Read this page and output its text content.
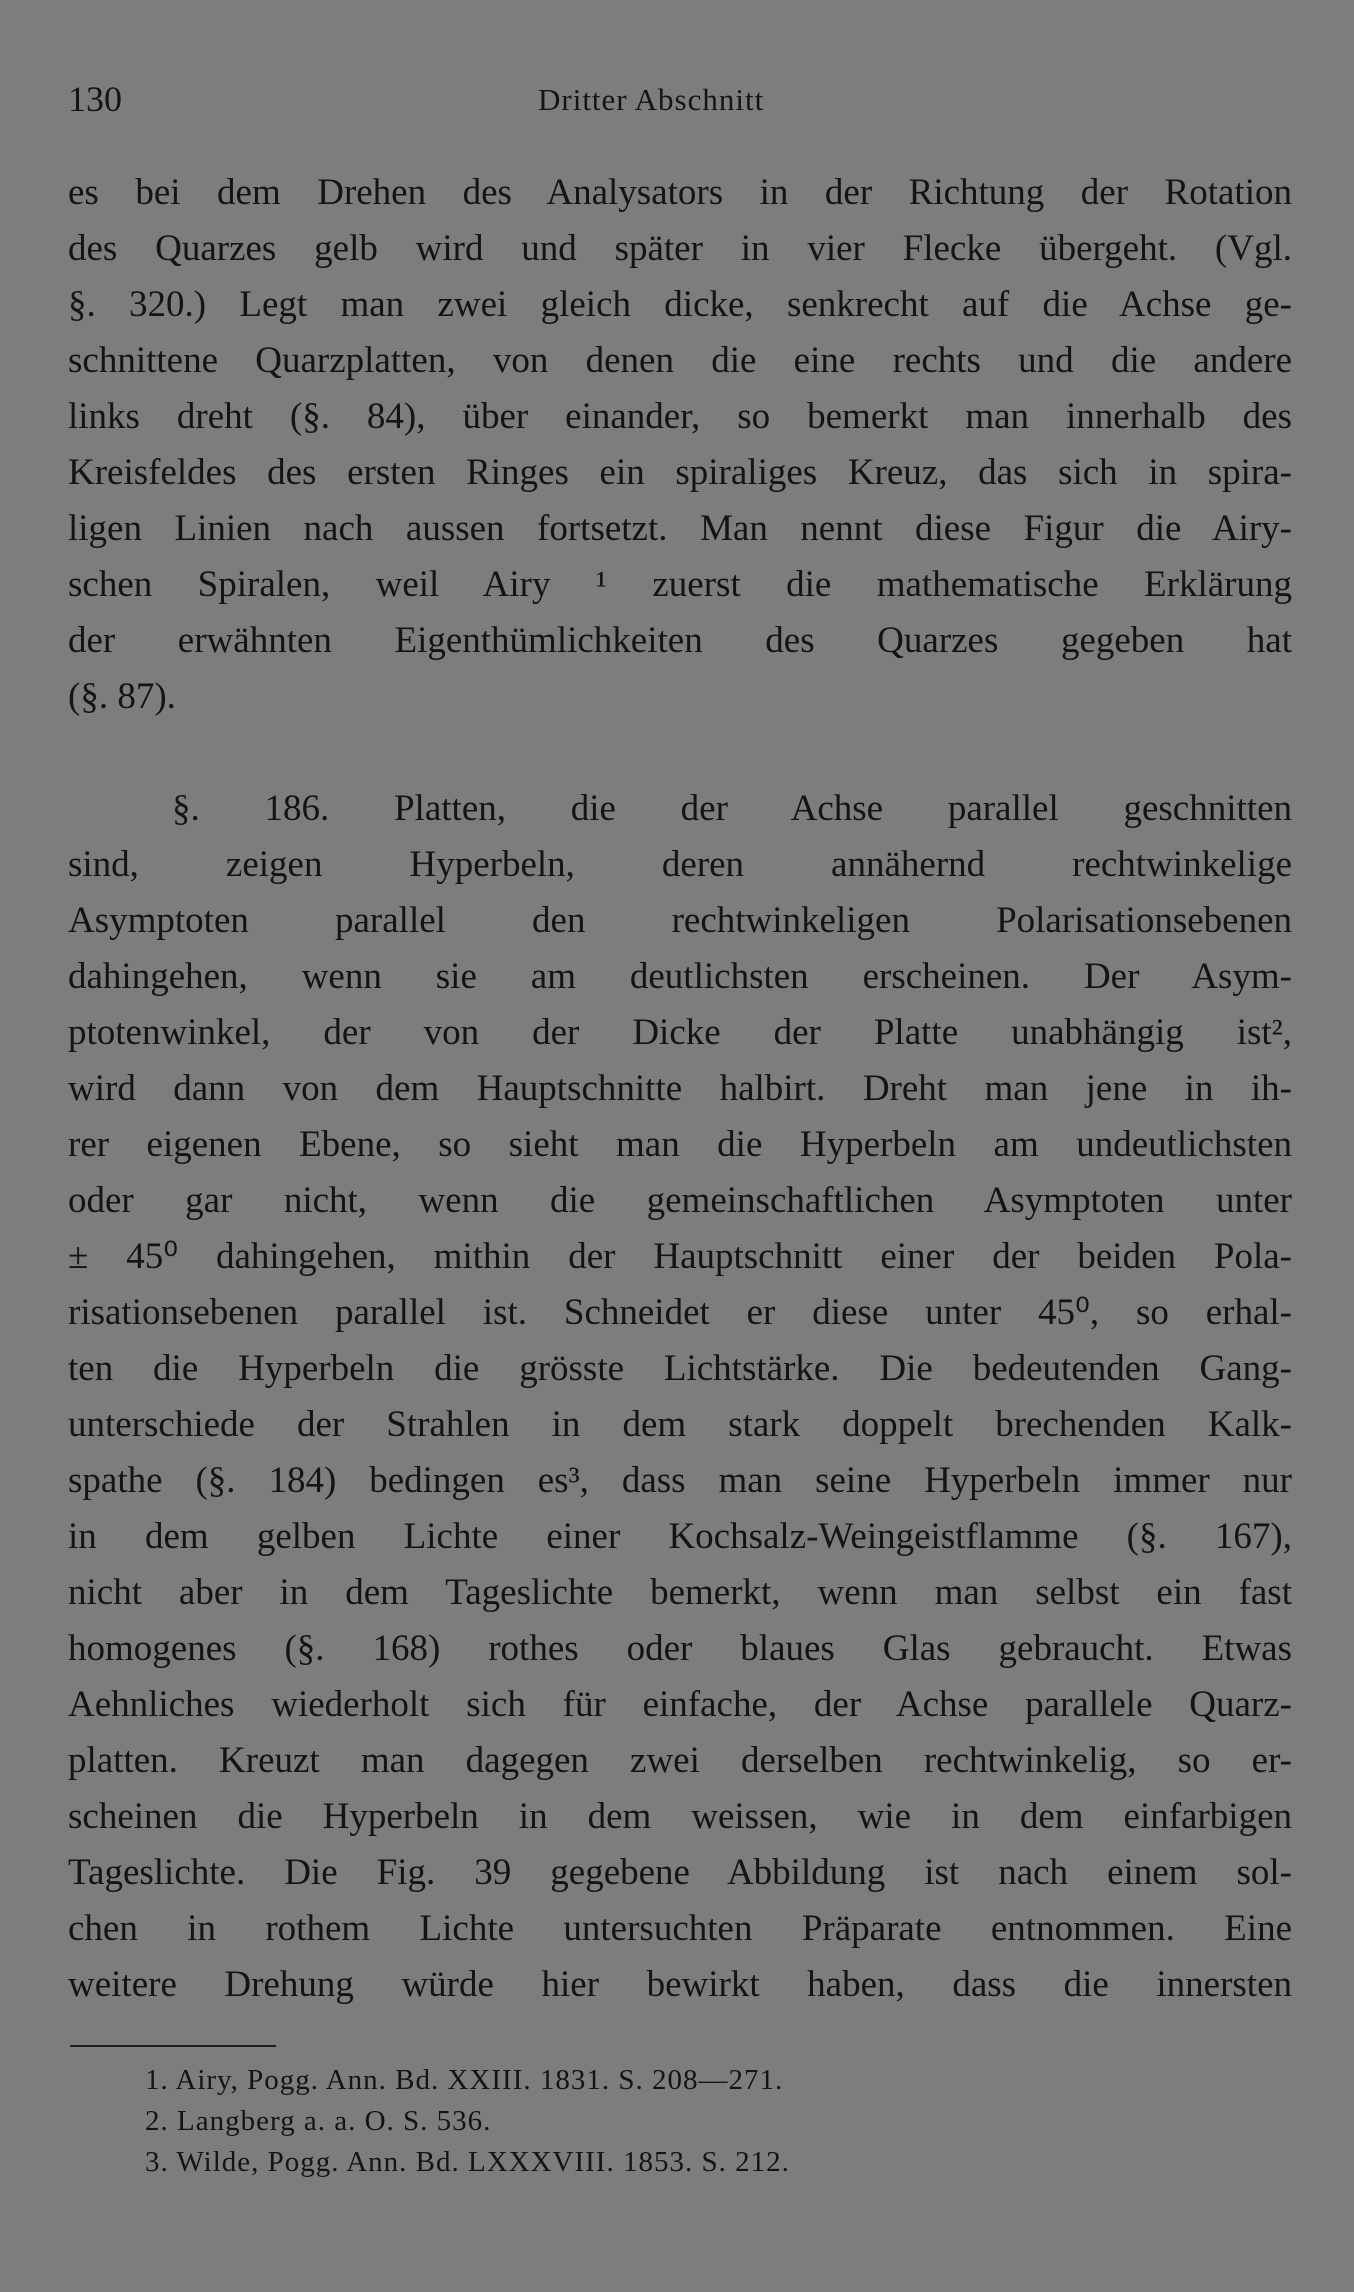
130	Dritter Abschnitt
es bei dem Drehen des Analysators in der Richtung der Rotation
des Quarzes gelb wird und später in vier Flecke übergeht. (Vgl.
§. 320.) Legt man zwei gleich dicke, senkrecht auf die Achse ge-
schnittene Quarzplatten, von denen die eine rechts und die andere
links dreht (§. 84), über einander, so bemerkt man innerhalb des
Kreisfeldes des ersten Ringes ein spiraliges Kreuz, das sich in spira-
ligen Linien nach aussen fortsetzt. Man nennt diese Figur die Airy-
schen Spiralen, weil Airy ¹ zuerst die mathematische Erklärung
der erwähnten Eigenthümlichkeiten des Quarzes gegeben hat
(§. 87).
§. 186. Platten, die der Achse parallel geschnitten
sind, zeigen Hyperbeln, deren annähernd rechtwinkelige
Asymptoten parallel den rechtwinkeligen Polarisationsebenen
dahingehen, wenn sie am deutlichsten erscheinen. Der Asym-
ptotenwinkel, der von der Dicke der Platte unabhängig ist²,
wird dann von dem Hauptschnitte halbirt. Dreht man jene in ih-
rer eigenen Ebene, so sieht man die Hyperbeln am undeutlichsten
oder gar nicht, wenn die gemeinschaftlichen Asymptoten unter
± 45⁰ dahingehen, mithin der Hauptschnitt einer der beiden Pola-
risationsebenen parallel ist. Schneidet er diese unter 45⁰, so erhal-
ten die Hyperbeln die grösste Lichtstärke. Die bedeutenden Gang-
unterschiede der Strahlen in dem stark doppelt brechenden Kalk-
spathe (§. 184) bedingen es³, dass man seine Hyperbeln immer nur
in dem gelben Lichte einer Kochsalz-Weingeistflamme (§. 167),
nicht aber in dem Tageslichte bemerkt, wenn man selbst ein fast
homogenes (§. 168) rothes oder blaues Glas gebraucht. Etwas
Aehnliches wiederholt sich für einfache, der Achse parallele Quarz-
platten. Kreuzt man dagegen zwei derselben rechtwinkelig, so er-
scheinen die Hyperbeln in dem weissen, wie in dem einfarbigen
Tageslichte. Die Fig. 39 gegebene Abbildung ist nach einem sol-
chen in rothem Lichte untersuchten Präparate entnommen. Eine
weitere Drehung würde hier bewirkt haben, dass die innersten
1. Airy, Pogg. Ann. Bd. XXIII. 1831. S. 208—271.
2. Langberg a. a. O. S. 536.
3. Wilde, Pogg. Ann. Bd. LXXXVIII. 1853. S. 212.
